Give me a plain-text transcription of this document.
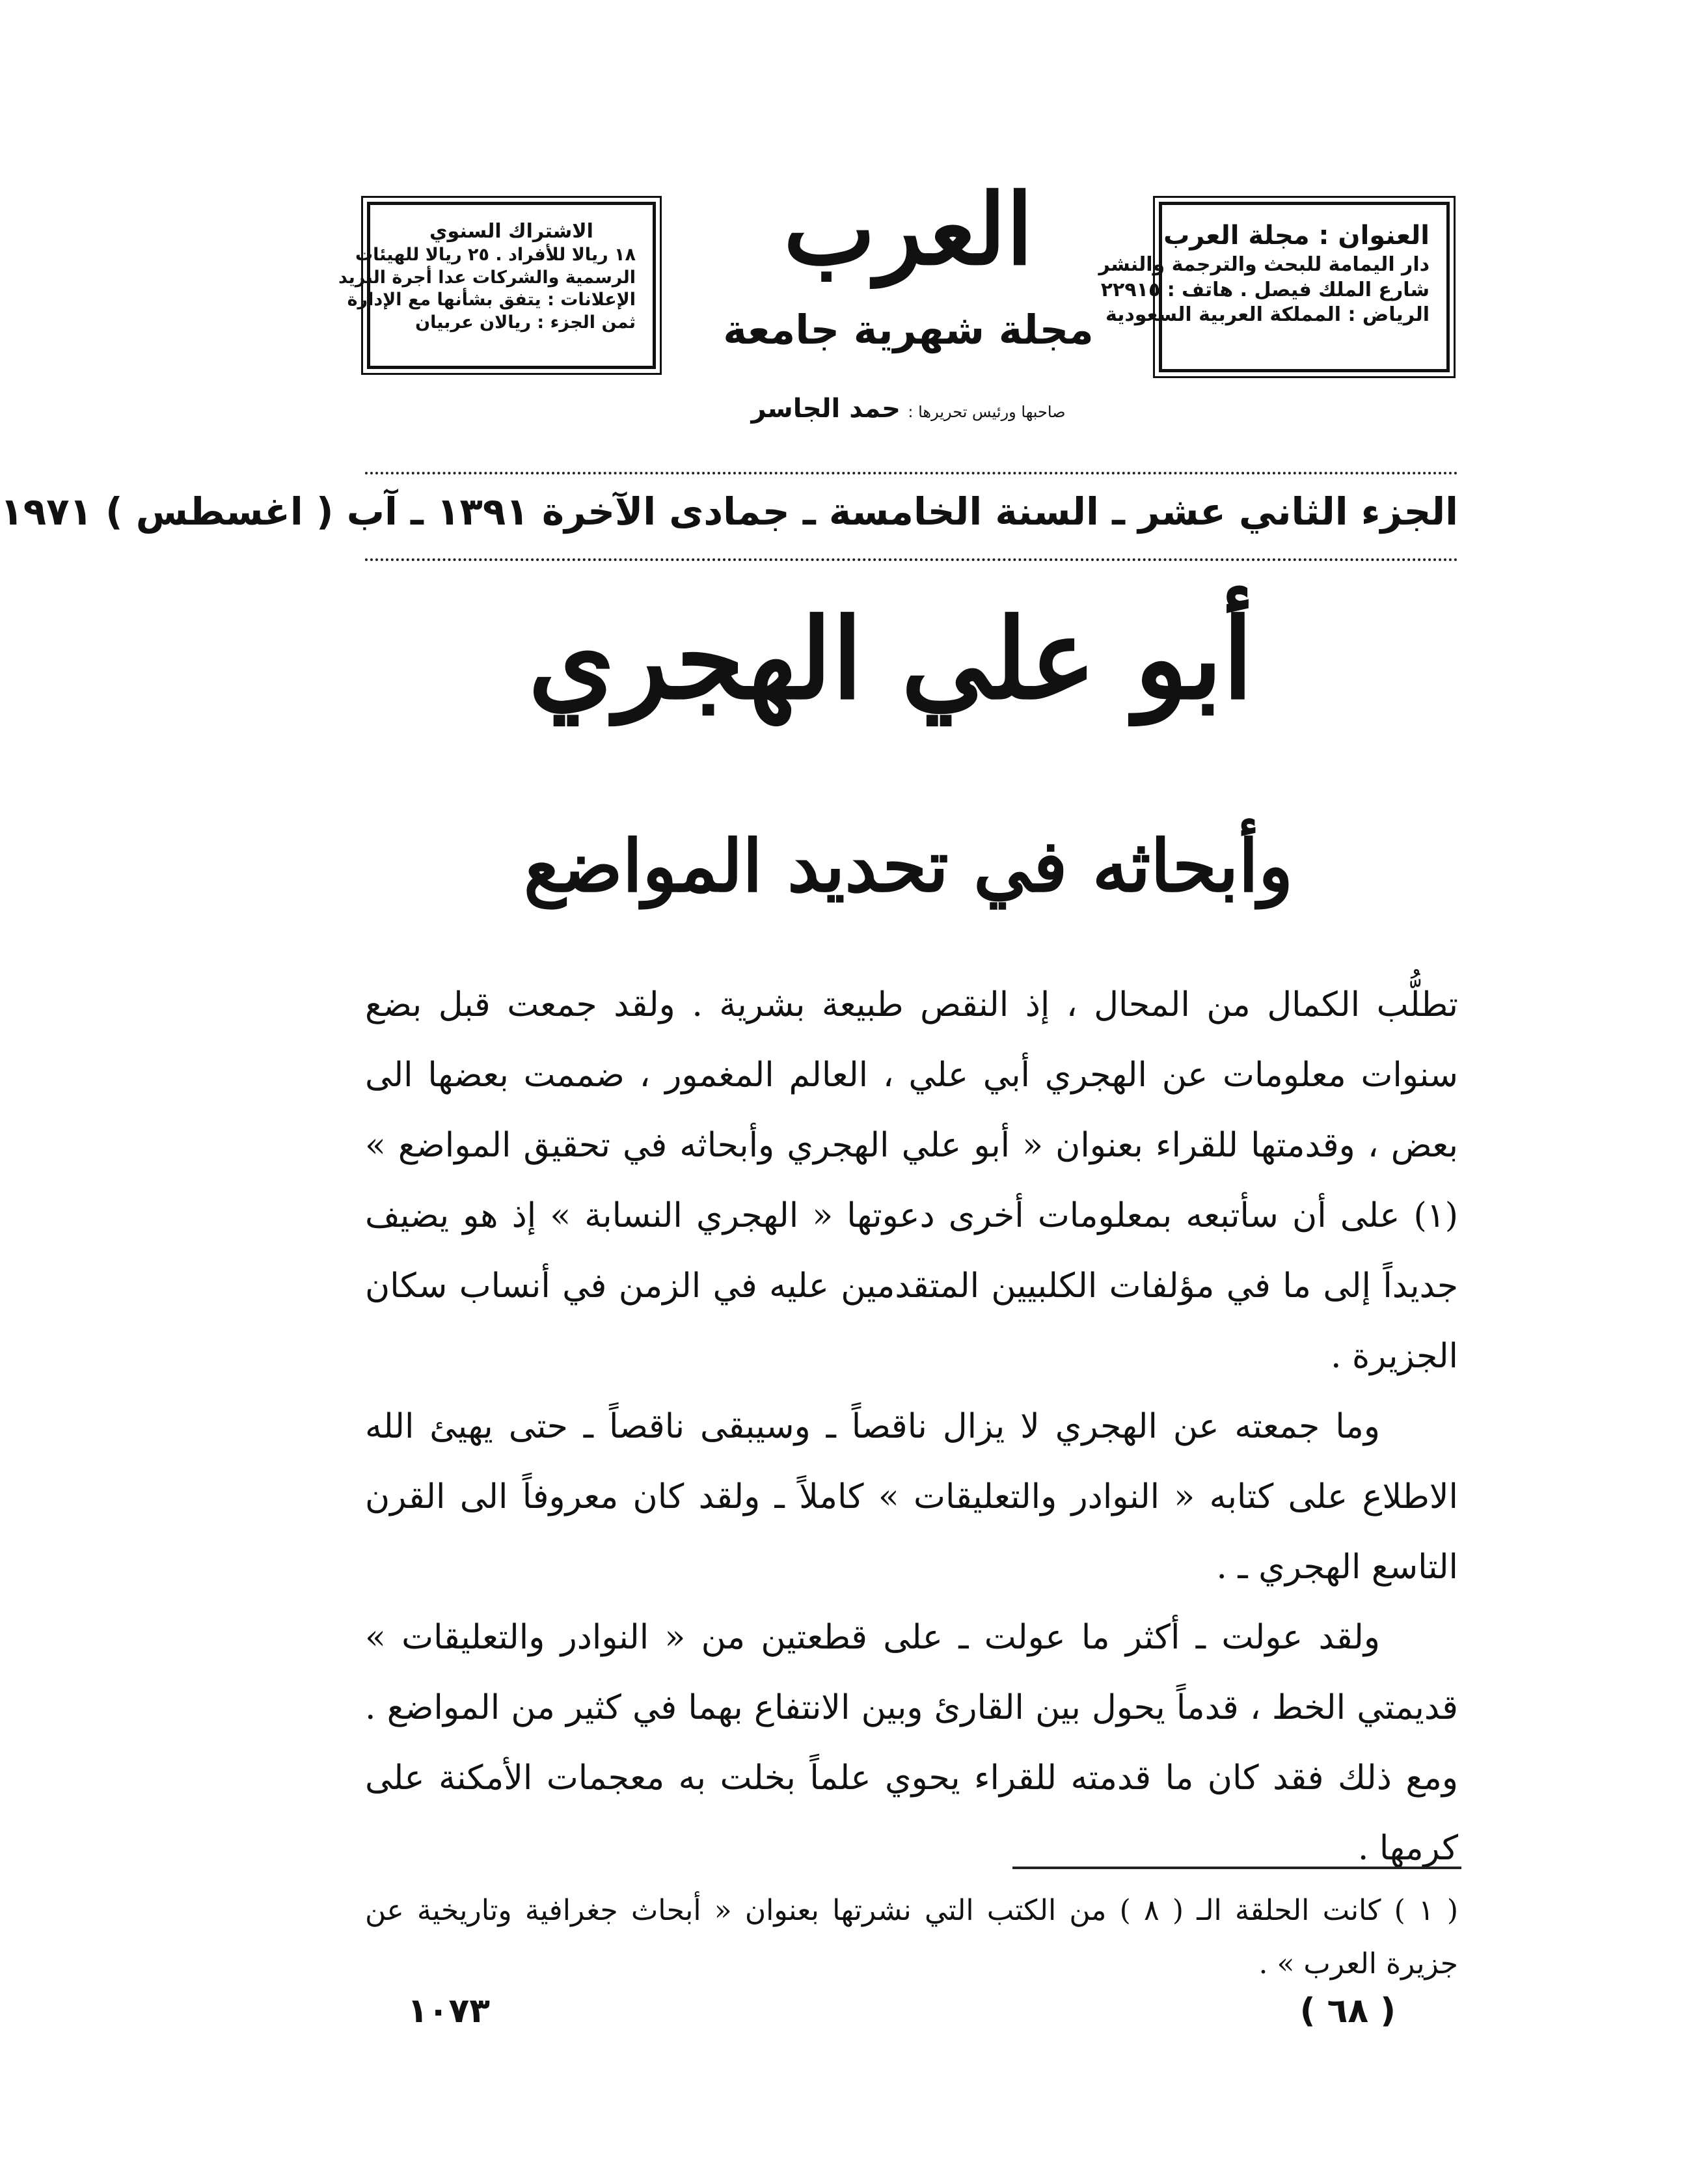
العنوان : مجلة العرب
دار اليمامة للبحث والترجمة والنشر
شارع الملك فيصل . هاتف : ٢٢٩١٥
الرياض : المملكة العربية السعودية
العرب
مجلة شهرية جامعة
صاحبها ورئيس تحريرها : حمد الجاسر
الاشتراك السنوي
١٨ ريالا للأفراد . ٢٥ ريالا للهيئات
الرسمية والشركات عدا أجرة البريد
الإعلانات : يتفق بشأنها مع الإدارة
ثمن الجزء : ريالان عربيان
الجزء الثاني عشر ـ السنة الخامسة ـ جمادى الآخرة ١٣٩١ ـ آب ( اغسطس ) ١٩٧١
أبو علي الهجري
وأبحاثه في تحديد المواضع

تطلُّب الكمال من المحال ، إذ النقص طبيعة بشرية . ولقد جمعت قبل بضع سنوات معلومات عن الهجري أبي علي ، العالم المغمور ، ضممت بعضها الى بعض ، وقدمتها للقراء بعنوان « أبو علي الهجري وأبحاثه في تحقيق المواضع » (١) على أن سأتبعه بمعلومات أخرى دعوتها « الهجري النسابة » إذ هو يضيف جديداً إلى ما في مؤلفات الكلبيين المتقدمين عليه في الزمن في أنساب سكان الجزيرة .

وما جمعته عن الهجري لا يزال ناقصاً ـ وسيبقى ناقصاً ـ حتى يهيئ الله الاطلاع على كتابه « النوادر والتعليقات » كاملاً ـ ولقد كان معروفاً الى القرن التاسع الهجري ـ .

ولقد عولت ـ أكثر ما عولت ـ على قطعتين من « النوادر والتعليقات » قديمتي الخط ، قدماً يحول بين القارئ وبين الانتفاع بهما في كثير من المواضع . ومع ذلك فقد كان ما قدمته للقراء يحوي علماً بخلت به معجمات الأمكنة على كرمها .

( ١ ) كانت الحلقة الـ ( ٨ ) من الكتب التي نشرتها بعنوان « أبحاث جغرافية وتاريخية عن جزيرة العرب » .
( ٦٨ )
١٠٧٣
